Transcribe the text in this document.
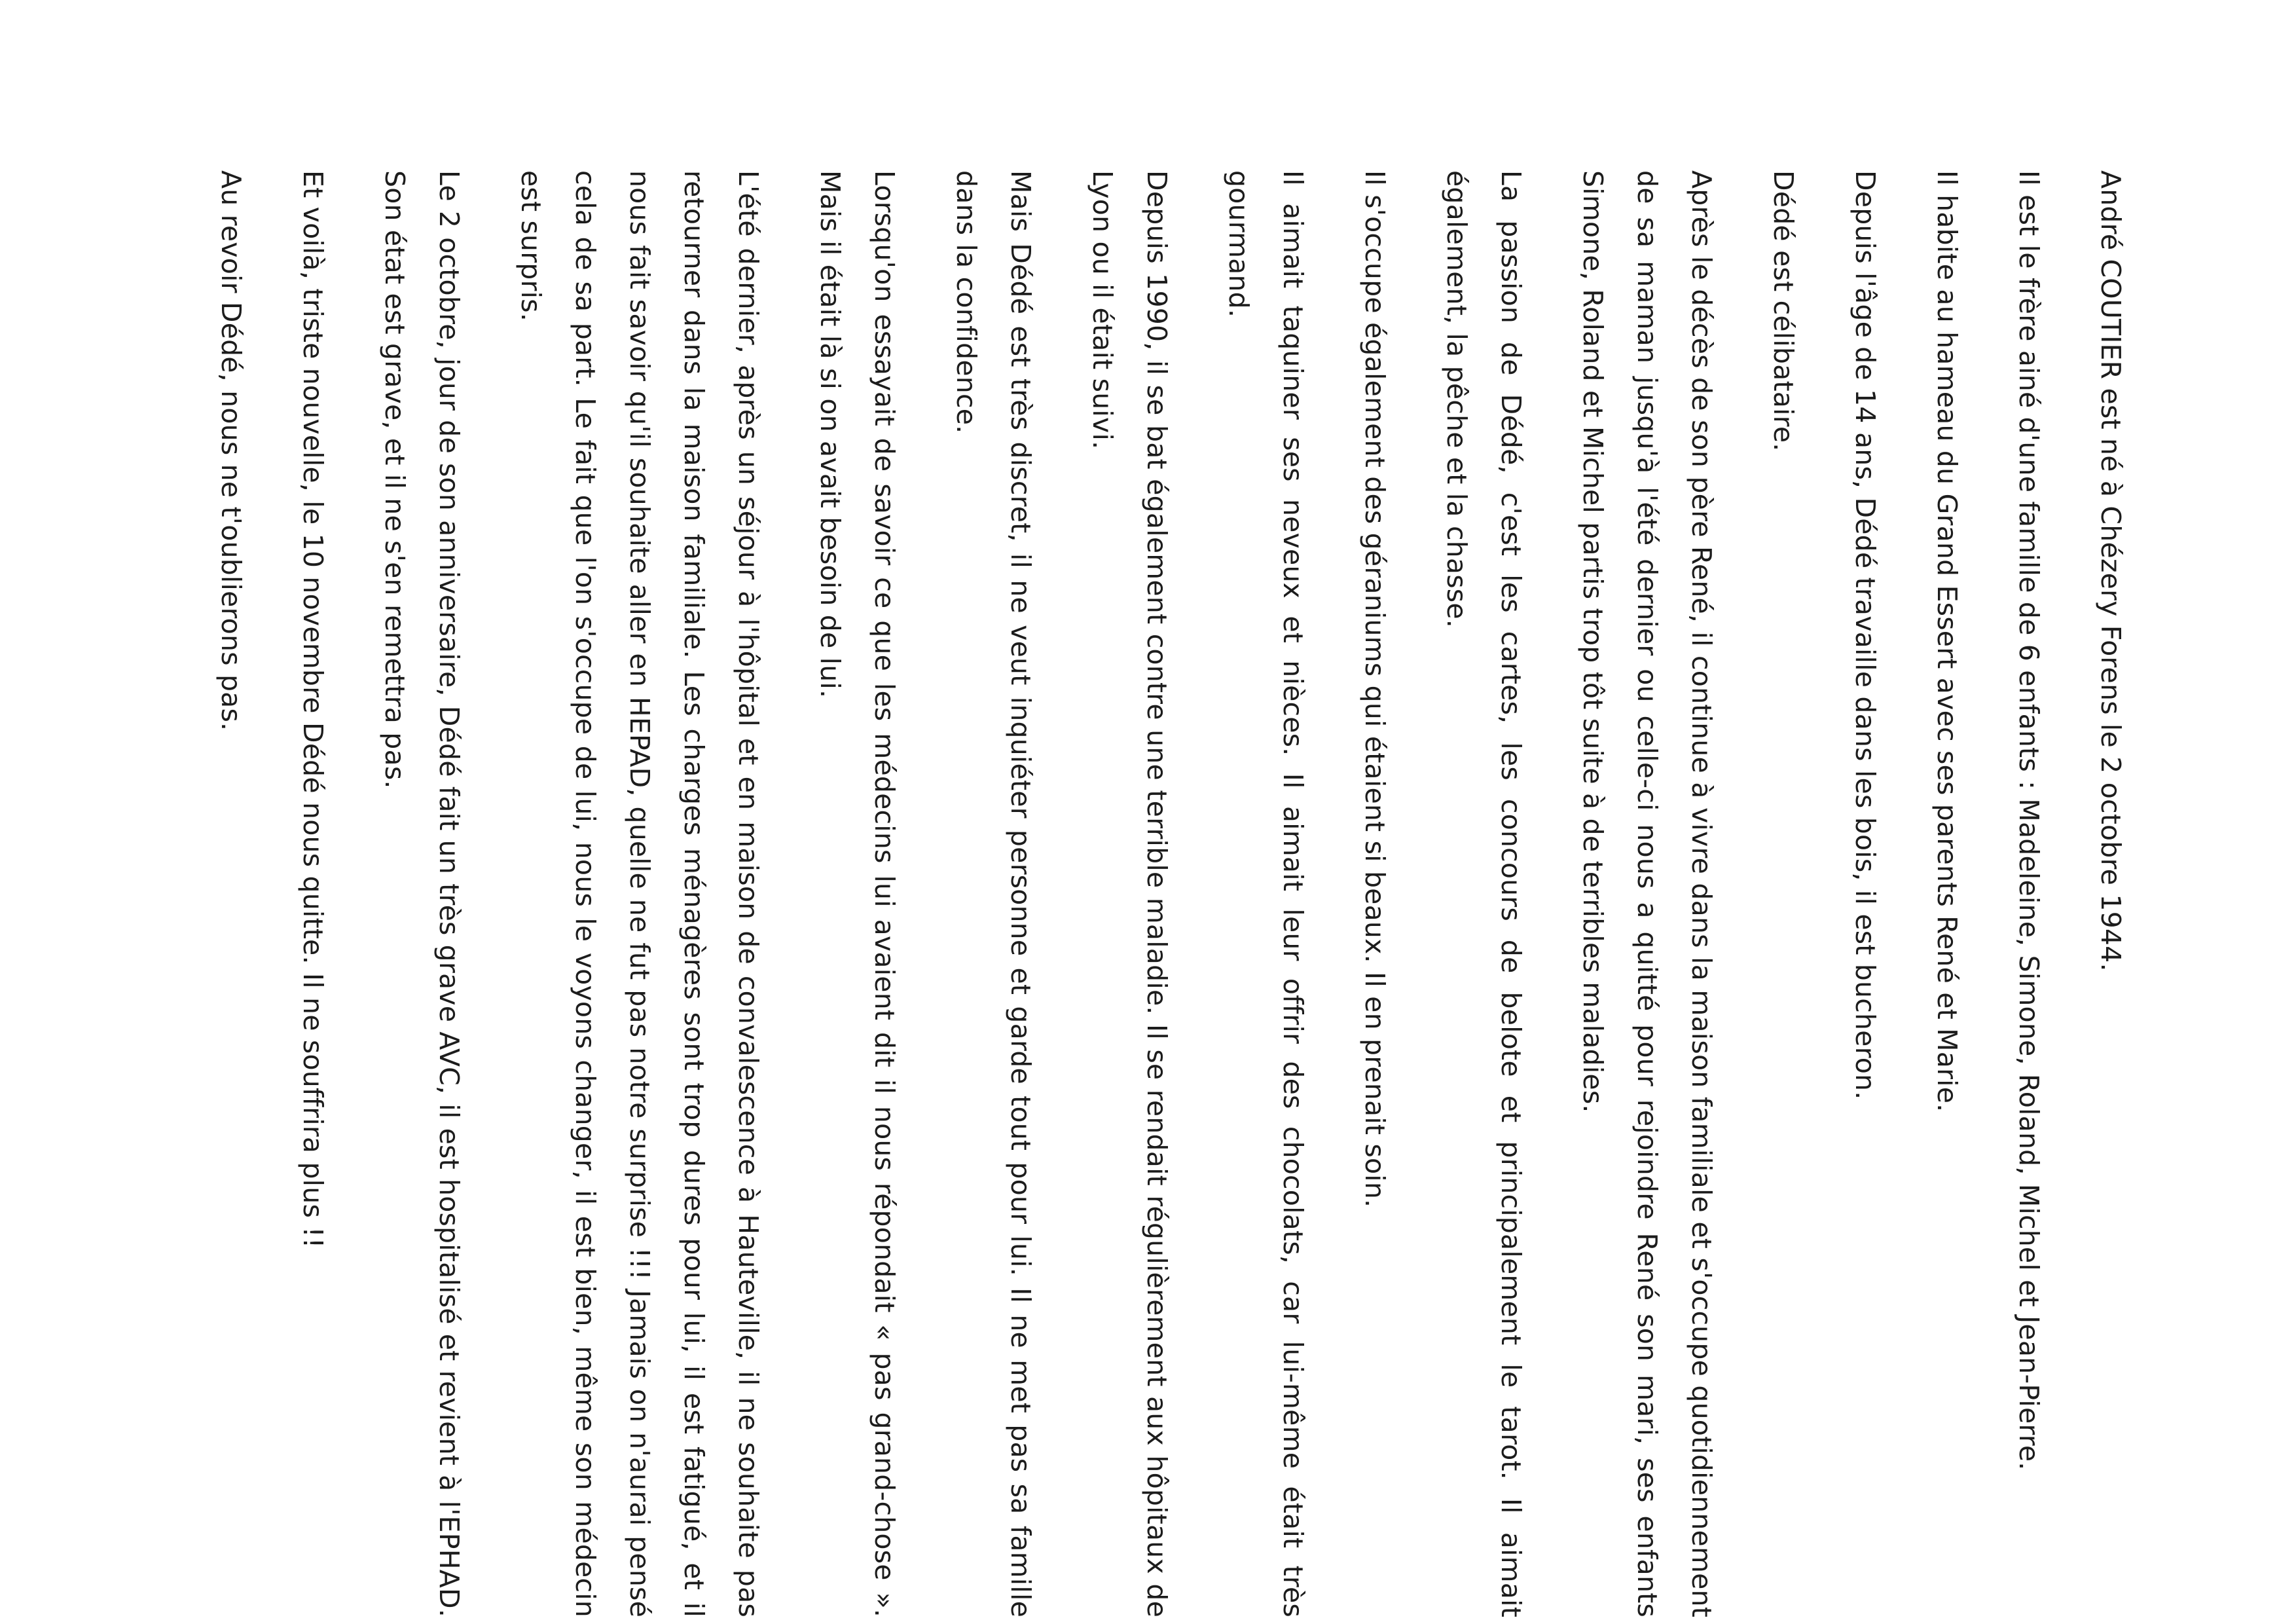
André COUTIER est né à Chézery Forens le 2 octobre 1944.

Il est le frère ainé d'une famille de 6 enfants : Madeleine, Simone, Roland, Michel et Jean-Pierre.

Il habite au hameau du Grand Essert avec ses parents René et Marie.

Depuis l'âge de 14 ans, Dédé travaille dans les bois, il est bucheron.

Dédé est célibataire.

Après le décès de son père René, il continue à vivre dans la maison familiale et s'occupe quotidiennement de sa maman jusqu'à l'été dernier ou celle-ci nous a quitté pour rejoindre René son mari, ses enfants Simone, Roland et Michel partis trop tôt suite à de terribles maladies.

La passion de Dédé, c'est les cartes, les concours de belote et principalement le tarot. Il aimait également, la pêche et la chasse.

Il s'occupe également des géraniums qui étaient si beaux. Il en prenait soin.

Il aimait taquiner ses neveux et nièces. Il aimait leur offrir des chocolats, car lui-même était très gourmand.

Depuis 1990, il se bat également contre une terrible maladie. Il se rendait régulièrement aux hôpitaux de Lyon ou il était suivi.

Mais Dédé est très discret, il ne veut inquiéter personne et garde tout pour lui. Il ne met pas sa famille dans la confidence.

Lorsqu'on essayait de savoir ce que les médecins lui avaient dit il nous répondait « pas grand-chose ». Mais il était là si on avait besoin de lui.

L'été dernier, après un séjour à l'hôpital et en maison de convalescence à Hauteville, il ne souhaite pas retourner dans la maison familiale. Les charges ménagères sont trop dures pour lui, il est fatigué, et il nous fait savoir qu'il souhaite aller en HEPAD, quelle ne fut pas notre surprise !!! Jamais on n'aurai pensé cela de sa part. Le fait que l'on s'occupe de lui, nous le voyons changer, il est bien, même son médecin est surpris.

Le 2 octobre, jour de son anniversaire, Dédé fait un très grave AVC, il est hospitalisé et revient à l'EPHAD. Son état est grave, et il ne s'en remettra pas.

Et voilà, triste nouvelle, le 10 novembre Dédé nous quitte. Il ne souffrira plus !!

Au revoir Dédé, nous ne t'oublierons pas.
